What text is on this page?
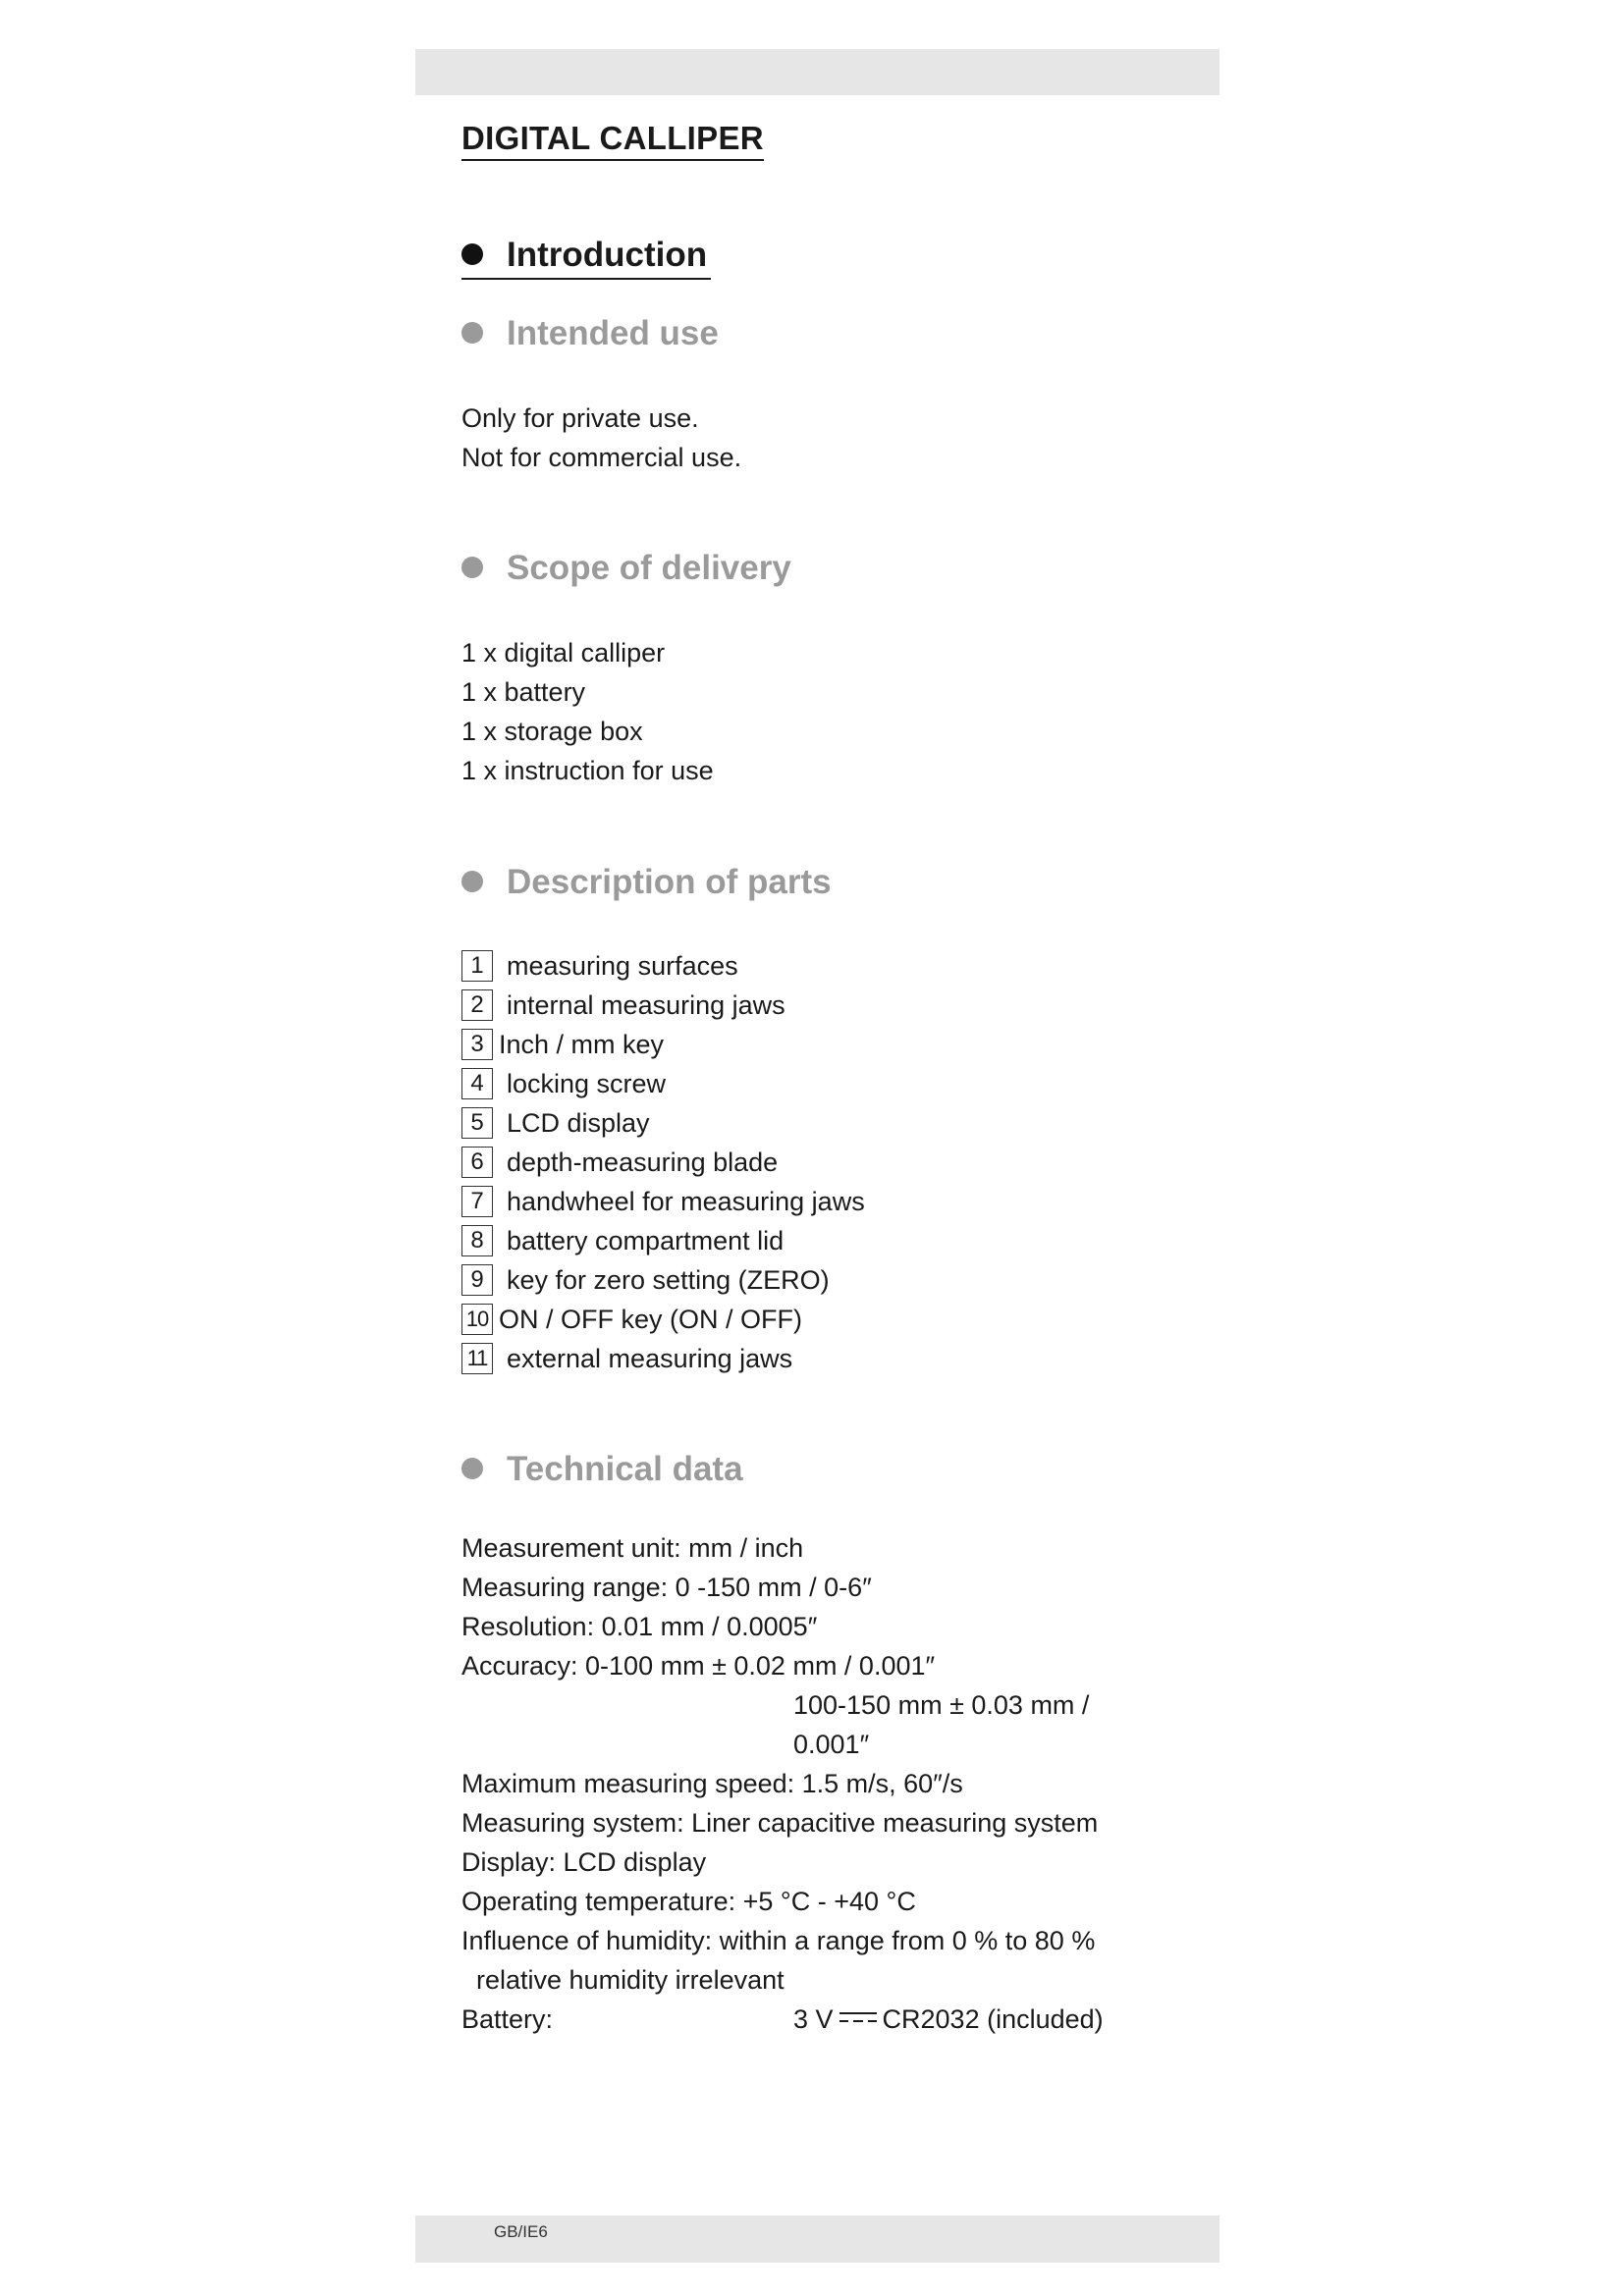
DIGITAL CALLIPER
Introduction
Intended use
Only for private use.
Not for commercial use.
Scope of delivery
1 x digital calliper
1 x battery
1 x storage box
1 x instruction for use
Description of parts
1 measuring surfaces
2 internal measuring jaws
3 Inch / mm key
4 locking screw
5 LCD display
6 depth-measuring blade
7 handwheel for measuring jaws
8 battery compartment lid
9 key for zero setting (ZERO)
10 ON / OFF key (ON / OFF)
11 external measuring jaws
Technical data
Measurement unit: mm / inch
Measuring range: 0 -150 mm / 0-6″
Resolution: 0.01 mm / 0.0005″
Accuracy: 0-100 mm ± 0.02 mm / 0.001″
100-150 mm ± 0.03 mm /
0.001″
Maximum measuring speed: 1.5 m/s, 60″/s
Measuring system: Liner capacitive measuring system
Display: LCD display
Operating temperature: +5 °C - +40 °C
Influence of humidity: within a range from 0 % to 80 %
relative humidity irrelevant
Battery:	3 V CR2032 (included)
GB/IE6
